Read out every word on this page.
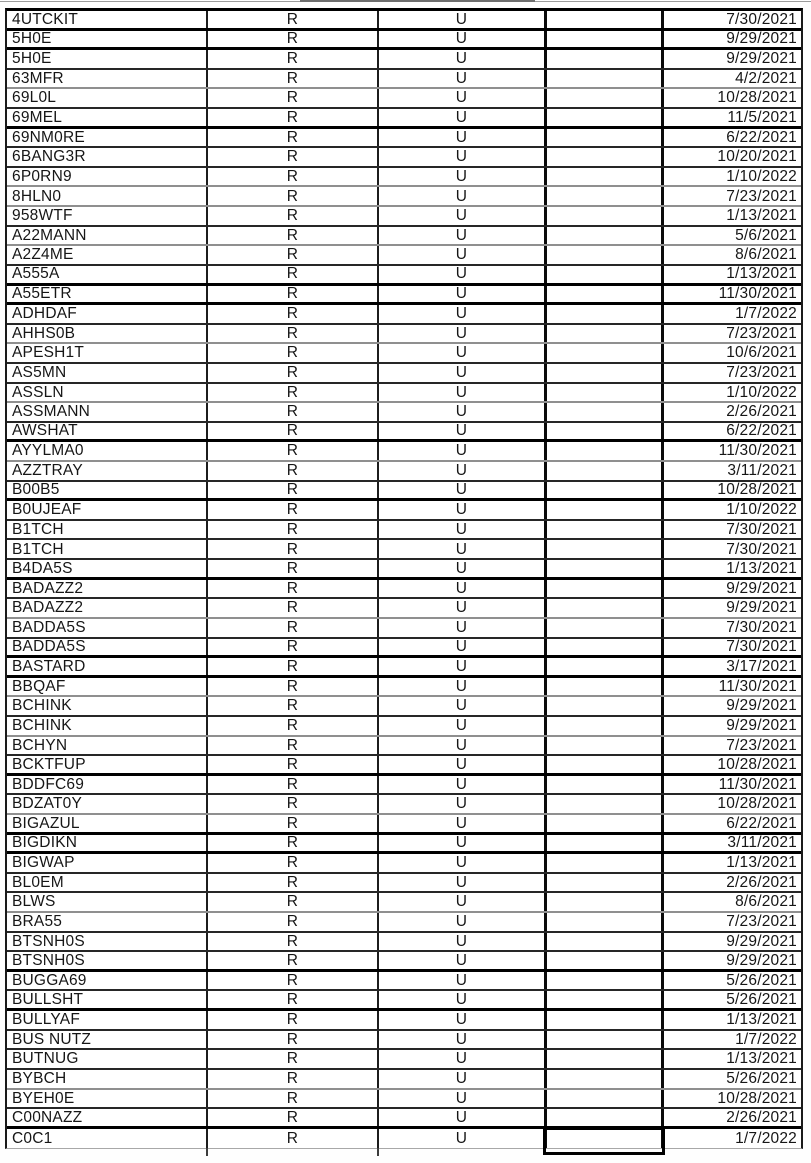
4UTCKIT	R	U	7/30/2021
5H0E	R	U	9/29/2021
5H0E	R	U	9/29/2021
63MFR	R	U	4/2/2021
69L0L	R	U	10/28/2021
69MEL	R	U	11/5/2021
69NM0RE	R	U	6/22/2021
6BANG3R	R	U	10/20/2021
6P0RN9	R	U	1/10/2022
8HLN0	R	U	7/23/2021
958WTF	R	U	1/13/2021
A22MANN	R	U	5/6/2021
A2Z4ME	R	U	8/6/2021
A555A	R	U	1/13/2021
A55ETR	R	U	11/30/2021
ADHDAF	R	U	1/7/2022
AHHS0B	R	U	7/23/2021
APESH1T	R	U	10/6/2021
AS5MN	R	U	7/23/2021
ASSLN	R	U	1/10/2022
ASSMANN	R	U	2/26/2021
AWSHAT	R	U	6/22/2021
AYYLMA0	R	U	11/30/2021
AZZTRAY	R	U	3/11/2021
B00B5	R	U	10/28/2021
B0UJEAF	R	U	1/10/2022
B1TCH	R	U	7/30/2021
B1TCH	R	U	7/30/2021
B4DA5S	R	U	1/13/2021
BADAZZ2	R	U	9/29/2021
BADAZZ2	R	U	9/29/2021
BADDA5S	R	U	7/30/2021
BADDA5S	R	U	7/30/2021
BASTARD	R	U	3/17/2021
BBQAF	R	U	11/30/2021
BCHINK	R	U	9/29/2021
BCHINK	R	U	9/29/2021
BCHYN	R	U	7/23/2021
BCKTFUP	R	U	10/28/2021
BDDFC69	R	U	11/30/2021
BDZAT0Y	R	U	10/28/2021
BIGAZUL	R	U	6/22/2021
BIGDIKN	R	U	3/11/2021
BIGWAP	R	U	1/13/2021
BL0EM	R	U	2/26/2021
BLWS	R	U	8/6/2021
BRA55	R	U	7/23/2021
BTSNH0S	R	U	9/29/2021
BTSNH0S	R	U	9/29/2021
BUGGA69	R	U	5/26/2021
BULLSHT	R	U	5/26/2021
BULLYAF	R	U	1/13/2021
BUS NUTZ	R	U	1/7/2022
BUTNUG	R	U	1/13/2021
BYBCH	R	U	5/26/2021
BYEH0E	R	U	10/28/2021
C00NAZZ	R	U	2/26/2021
C0C1	R	U	1/7/2022
